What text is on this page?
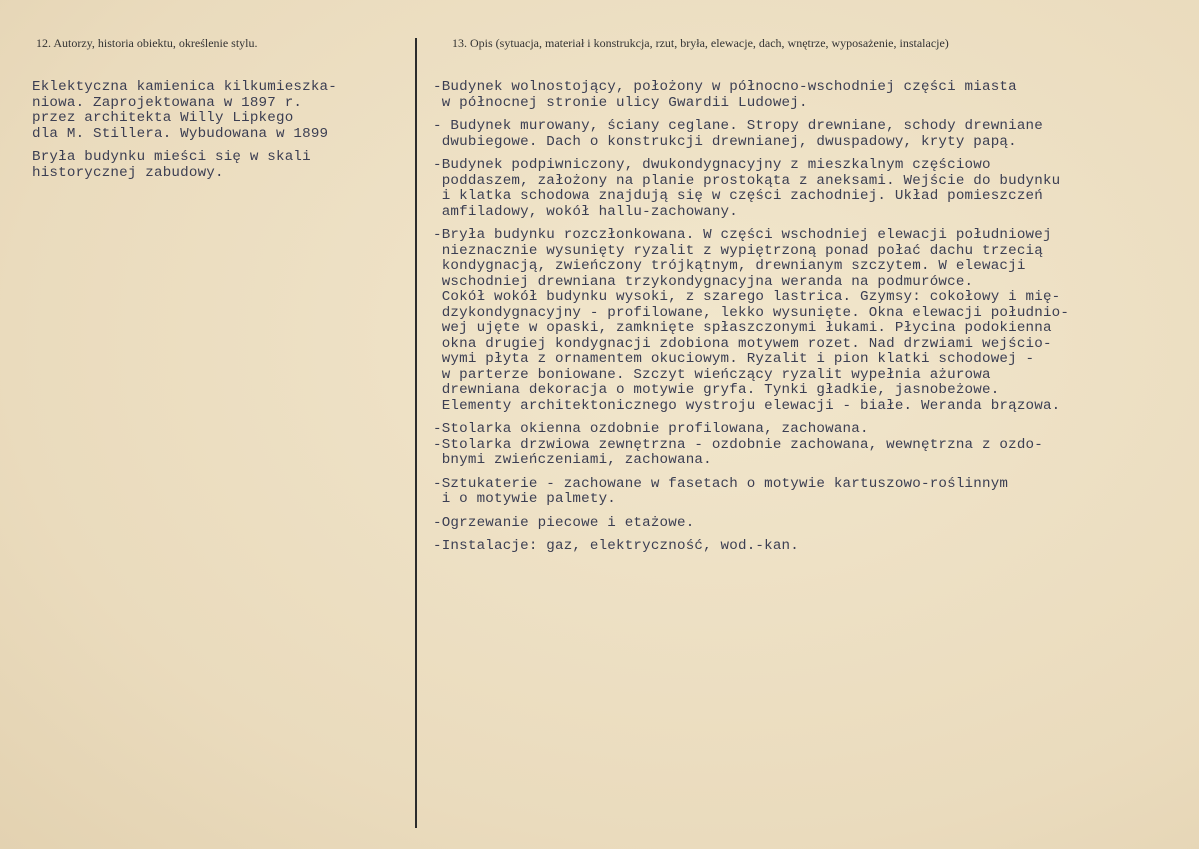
12. Autorzy, historia obiektu, określenie stylu.	13. Opis (sytuacja, materiał i konstrukcja, rzut, bryła, elewacje, dach, wnętrze, wyposażenie, instalacje)
Eklektyczna kamienica kilkumieszka-
niowa. Zaprojektowana w 1897 r.
przez architekta Willy Lipkego
dla M. Stillera. Wybudowana w 1899
Bryła budynku mieści się w skali
historycznej zabudowy.
-Budynek wolnostojący, położony w północno-wschodniej części miasta
w północnej stronie ulicy Gwardii Ludowej.
- Budynek murowany, ściany ceglane. Stropy drewniane, schody drewniane
dwubiegowe. Dach o konstrukcji drewnianej, dwuspadowy, kryty papą.
-Budynek podpiwniczony, dwukondygnacyjny z mieszkalnym częściowo
poddaszem, założony na planie prostokąta z aneksami. Wejście do budynku
i klatka schodowa znajdują się w części zachodniej. Układ pomieszczeń
amfiladowy, wokół hallu-zachowany.
-Bryła budynku rozczłonkowana. W części wschodniej elewacji południowej
nieznacznie wysunięty ryzalit z wypiętrzoną ponad połać dachu trzecią
kondygnacją, zwieńczony trójkątnym, drewnianym szczytem. W elewacji
wschodniej drewniana trzykondygnacyjna weranda na podmurówce.
Cokół wokół budynku wysoki, z szarego lastrica. Gzymsy: cokołowy i mię-
dzykondygnacyjny - profilowane, lekko wysunięte. Okna elewacji południo-
wej ujęte w opaski, zamknięte spłaszczonymi łukami. Płycina podokienna
okna drugiej kondygnacji zdobiona motywem rozet. Nad drzwiami wejścio-
wymi płyta z ornamentem okuciowym. Ryzalit i pion klatki schodowej -
w parterze boniowane. Szczyt wieńczący ryzalit wypełnia ażurowa
drewniana dekoracja o motywie gryfa. Tynki gładkie, jasnobeżowe.
Elementy architektonicznego wystroju elewacji - białe. Weranda brązowa.
-Stolarka okienna ozdobnie profilowana, zachowana.
-Stolarka drzwiowa zewnętrzna - ozdobnie zachowana, wewnętrzna z ozdo-
bnymi zwieńczeniami, zachowana.
-Sztukaterie - zachowane w fasetach o motywie kartuszowo-roślinnym
i o motywie palmety.
-Ogrzewanie piecowe i etażowe.
-Instalacje: gaz, elektryczność, wod.-kan.
